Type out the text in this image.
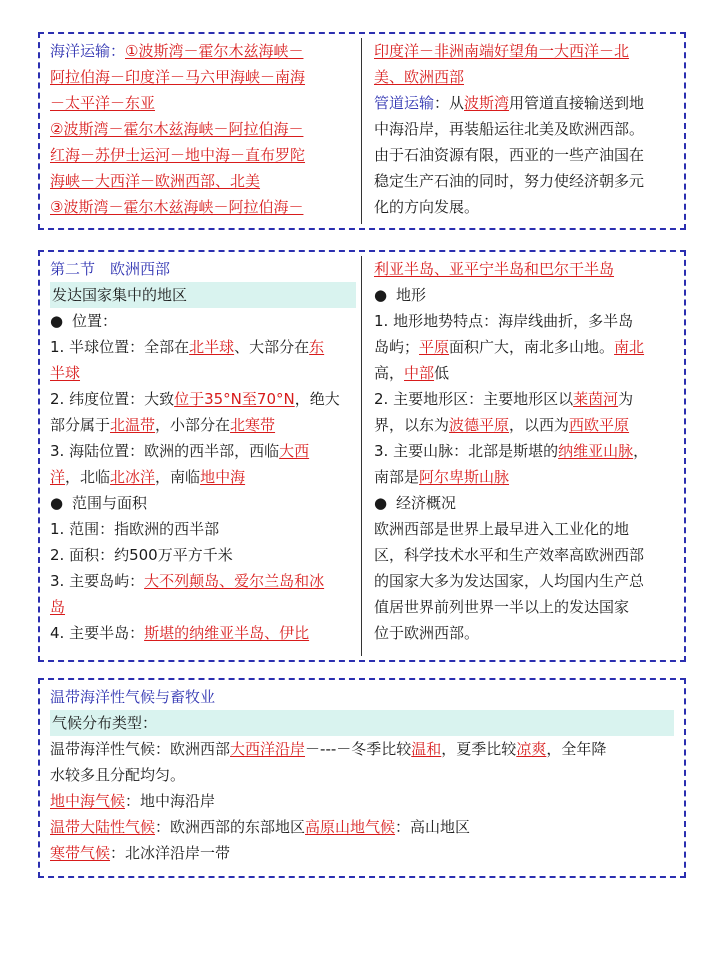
海洋运输：①波斯湾－霍尔木兹海峡－
阿拉伯海－印度洋－马六甲海峡－南海
－太平洋－东亚
②波斯湾－霍尔木兹海峡－阿拉伯海－
红海－苏伊士运河－地中海－直布罗陀
海峡－大西洋－欧洲西部、北美
③波斯湾－霍尔木兹海峡－阿拉伯海－
印度洋－非洲南端好望角一大西洋－北
美、欧洲西部
管道运输：从波斯湾用管道直接输送到地
中海沿岸，再装船运往北美及欧洲西部。
由于石油资源有限，西亚的一些产油国在
稳定生产石油的同时，努力使经济朝多元
化的方向发展。
第二节　欧洲西部
发达国家集中的地区
● 位置：
1. 半球位置：全部在北半球、大部分在东
半球
2. 纬度位置：大致位于35°N至70°N，绝大
部分属于北温带，小部分在北寒带
3. 海陆位置：欧洲的西半部，西临大西
洋，北临北冰洋，南临地中海
● 范围与面积
1. 范围：指欧洲的西半部
2. 面积：约500万平方千米
3. 主要岛屿：大不列颠岛、爱尔兰岛和冰
岛
4. 主要半岛：斯堪的纳维亚半岛、伊比
利亚半岛、亚平宁半岛和巴尔干半岛
● 地形
1. 地形地势特点：海岸线曲折，多半岛
岛屿；平原面积广大，南北多山地。南北
高，中部低
2. 主要地形区：主要地形区以莱茵河为
界，以东为波德平原，以西为西欧平原
3. 主要山脉：北部是斯堪的纳维亚山脉，
南部是阿尔卑斯山脉
● 经济概况
欧洲西部是世界上最早进入工业化的地
区，科学技术水平和生产效率高欧洲西部
的国家大多为发达国家，人均国内生产总
值居世界前列世界一半以上的发达国家
位于欧洲西部。
温带海洋性气候与畜牧业
气候分布类型：
温带海洋性气候：欧洲西部大西洋沿岸－---－冬季比较温和，夏季比较凉爽，全年降
水较多且分配均匀。
地中海气候：地中海沿岸
温带大陆性气候：欧洲西部的东部地区高原山地气候：高山地区
寒带气候：北冰洋沿岸一带
